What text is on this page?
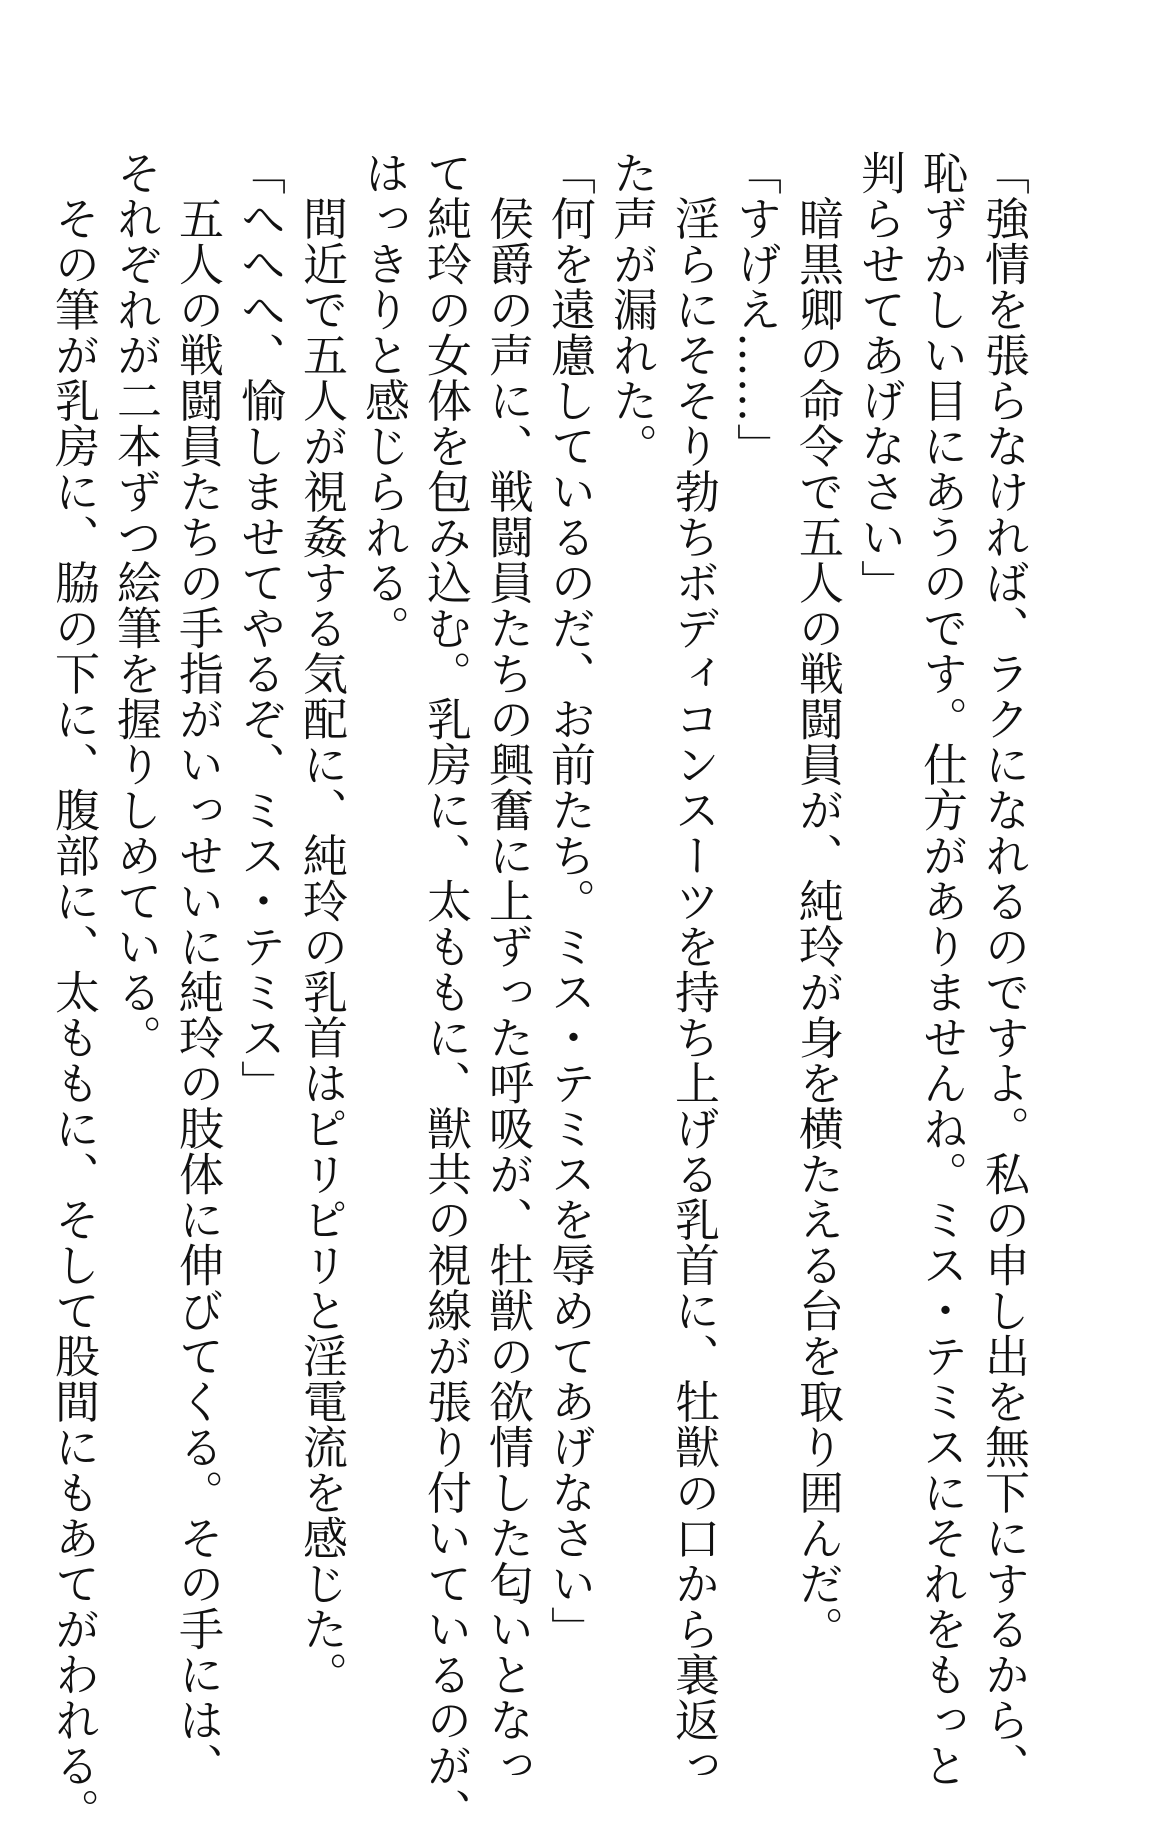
「強情を張らなければ、ラクになれるのですよ。私の申し出を無下にするから、

恥ずかしい目にあうのです。仕方がありませんね。ミス・テミスにそれをもっと

判らせてあげなさい」

　暗黒卿の命令で五人の戦闘員が、純玲が身を横たえる台を取り囲んだ。

「すげえ……」

　淫らにそそり勃ちボディコンスーツを持ち上げる乳首に、牡獣の口から裏返っ

た声が漏れた。

「何を遠慮しているのだ、お前たち。ミス・テミスを辱めてあげなさい」

　侯爵の声に、戦闘員たちの興奮に上ずった呼吸が、牡獣の欲情した匂いとなっ

て純玲の女体を包み込む。乳房に、太ももに、獣共の視線が張り付いているのが、

はっきりと感じられる。

　間近で五人が視姦する気配に、純玲の乳首はピリピリと淫電流を感じた。

「へへへ、愉しませてやるぞ、ミス・テミス」

　五人の戦闘員たちの手指がいっせいに純玲の肢体に伸びてくる。その手には、

それぞれが二本ずつ絵筆を握りしめている。

　その筆が乳房に、脇の下に、腹部に、太ももに、そして股間にもあてがわれる。
